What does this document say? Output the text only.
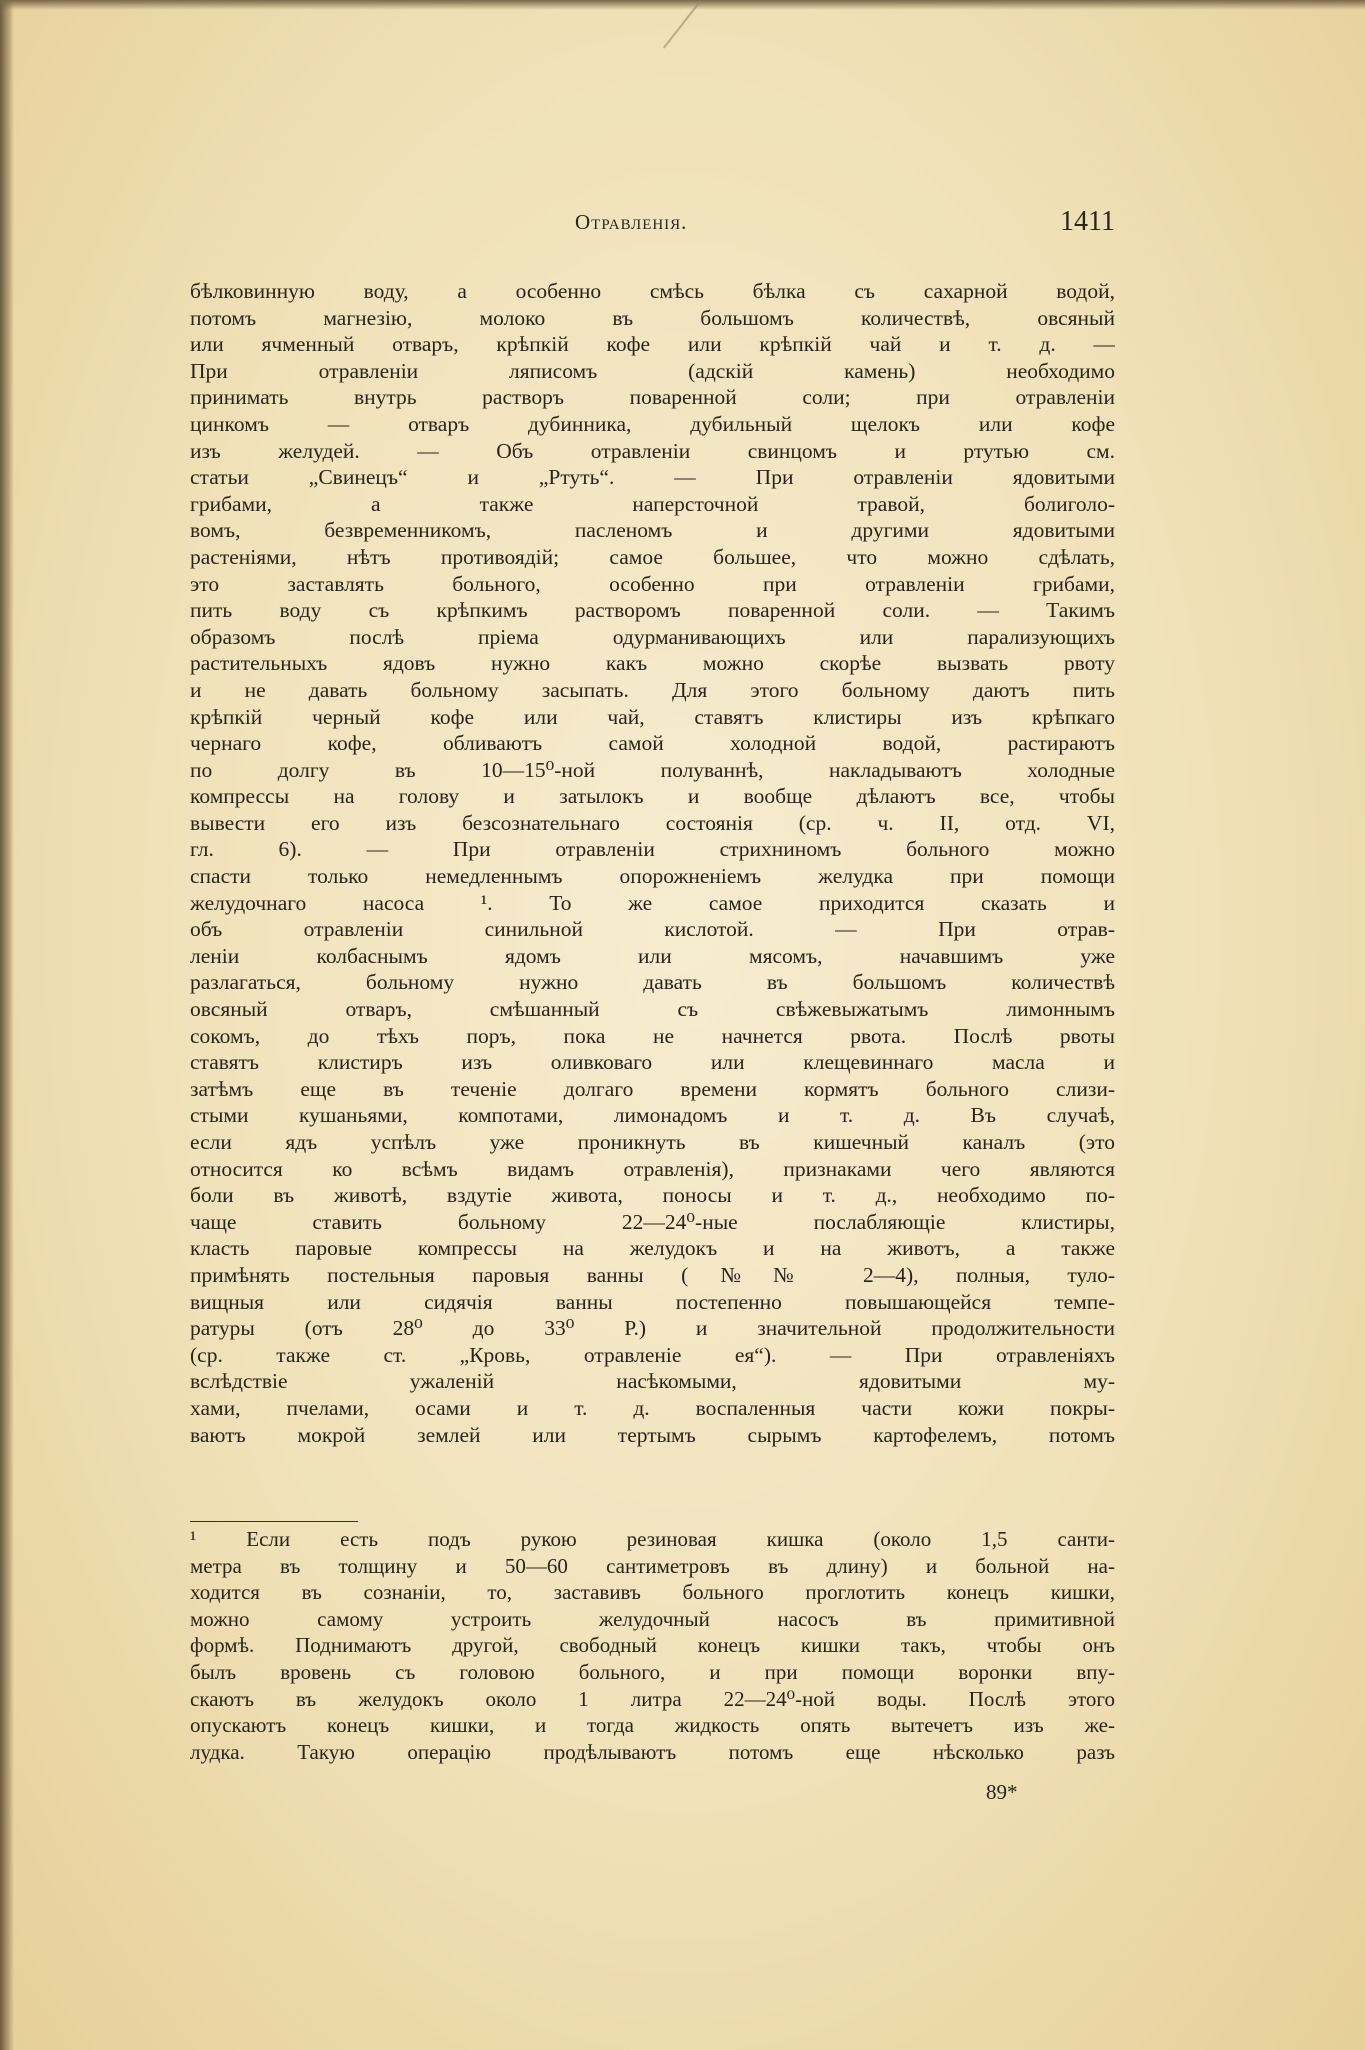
Отравленія.	1411
бѣлковинную воду, а особенно смѣсь бѣлка съ сахарной водой,
потомъ магнезію, молоко въ большомъ количествѣ, овсяный
или ячменный отваръ, крѣпкій кофе или крѣпкій чай и т. д. —
При отравленіи ляписомъ (адскій камень) необходимо
принимать внутрь растворъ поваренной соли; при отравленіи
цинкомъ — отваръ дубинника, дубильный щелокъ или кофе
изъ желудей. — Объ отравленіи свинцомъ и ртутью см.
статьи „Свинецъ“ и „Ртуть“. — При отравленіи ядовитыми
грибами, а также наперсточной травой, болиголо-
вомъ, безвременникомъ, пасленомъ и другими ядовитыми
растеніями, нѣтъ противоядій; самое большее, что можно сдѣлать,
это заставлять больного, особенно при отравленіи грибами,
пить воду съ крѣпкимъ растворомъ поваренной соли. — Такимъ
образомъ послѣ пріема одурманивающихъ или парализующихъ
растительныхъ ядовъ нужно какъ можно скорѣе вызвать рвоту
и не давать больному засыпать. Для этого больному даютъ пить
крѣпкій черный кофе или чай, ставятъ клистиры изъ крѣпкаго
чернаго кофе, обливаютъ самой холодной водой, растираютъ
по долгу въ 10—15⁰-ной полуваннѣ, накладываютъ холодные
компрессы на голову и затылокъ и вообще дѣлаютъ все, чтобы
вывести его изъ безсознательнаго состоянія (ср. ч. II, отд. VI,
гл. 6). — При отравленіи стрихниномъ больного можно
спасти только немедленнымъ опорожненіемъ желудка при помощи
желудочнаго насоса ¹. То же самое приходится сказать и
объ отравленіи синильной кислотой. — При отрав-
леніи колбаснымъ ядомъ или мясомъ, начавшимъ уже
разлагаться, больному нужно давать въ большомъ количествѣ
овсяный отваръ, смѣшанный съ свѣжевыжатымъ лимоннымъ
сокомъ, до тѣхъ поръ, пока не начнется рвота. Послѣ рвоты
ставятъ клистиръ изъ оливковаго или клещевиннаго масла и
затѣмъ еще въ теченіе долгаго времени кормятъ больного слизи-
стыми кушаньями, компотами, лимонадомъ и т. д. Въ случаѣ,
если ядъ успѣлъ уже проникнуть въ кишечный каналъ (это
относится ко всѣмъ видамъ отравленія), признаками чего являются
боли въ животѣ, вздутіе живота, поносы и т. д., необходимо по-
чаще ставить больному 22—24⁰-ные послабляющіе клистиры,
класть паровые компрессы на желудокъ и на животъ, а также
примѣнять постельныя паровыя ванны (№№ 2—4), полныя, туло-
вищныя или сидячія ванны постепенно повышающейся темпе-
ратуры (отъ 28⁰ до 33⁰ Р.) и значительной продолжительности
(ср. также ст. „Кровь, отравленіе ея“). — При отравленіяхъ
вслѣдствіе ужаленій насѣкомыми, ядовитыми му-
хами, пчелами, осами и т. д. воспаленныя части кожи покры-
ваютъ мокрой землей или тертымъ сырымъ картофелемъ, потомъ
¹ Если есть подъ рукою резиновая кишка (около 1,5 санти-
метра въ толщину и 50—60 сантиметровъ въ длину) и больной на-
ходится въ сознаніи, то, заставивъ больного проглотить конецъ кишки,
можно самому устроить желудочный насосъ въ примитивной
формѣ. Поднимаютъ другой, свободный конецъ кишки такъ, чтобы онъ
былъ вровень съ головою больного, и при помощи воронки впу-
скаютъ въ желудокъ около 1 литра 22—24⁰-ной воды. Послѣ этого
опускаютъ конецъ кишки, и тогда жидкость опять вытечетъ изъ же-
лудка. Такую операцію продѣлываютъ потомъ еще нѣсколько разъ
89*
